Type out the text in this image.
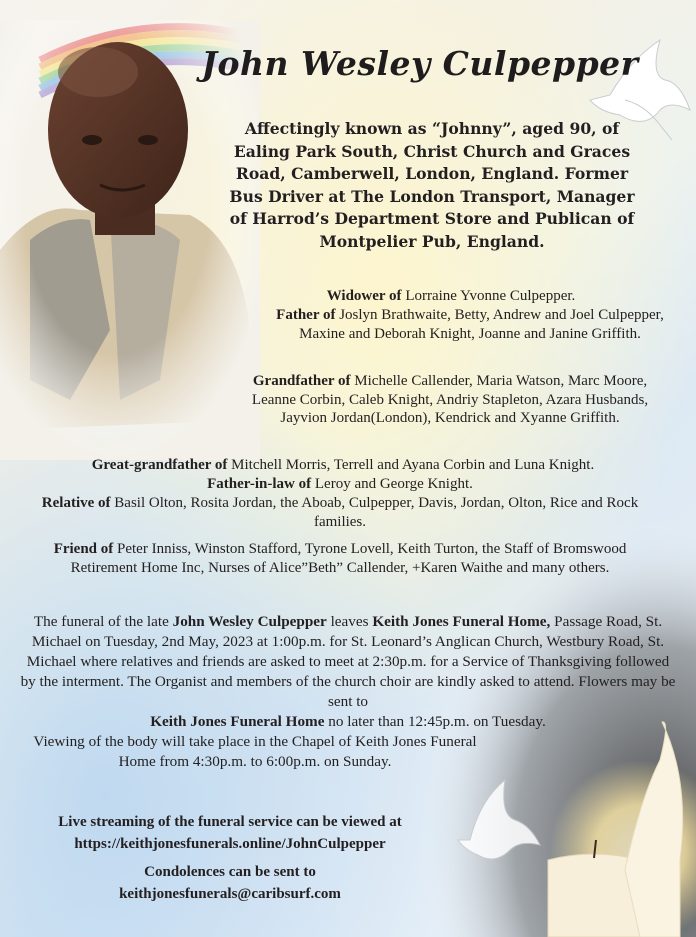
John Wesley Culpepper
Affectingly known as “Johnny”, aged 90, of Ealing Park South, Christ Church and Graces Road, Camberwell, London, England. Former Bus Driver at The London Transport, Manager of Harrod’s Department Store and Publican of Montpelier Pub, England.

Widower of Lorraine Yvonne Culpepper.

Father of Joslyn Brathwaite, Betty, Andrew and Joel Culpepper, Maxine and Deborah Knight, Joanne and Janine Griffith.

Grandfather of Michelle Callender, Maria Watson, Marc Moore, Leanne Corbin, Caleb Knight, Andriy Stapleton, Azara Husbands, Jayvion Jordan(London), Kendrick and Xyanne Griffith.

Great-grandfather of Mitchell Morris, Terrell and Ayana Corbin and Luna Knight.

Father-in-law of Leroy and George Knight.

Relative of Basil Olton, Rosita Jordan, the Aboab, Culpepper, Davis, Jordan, Olton, Rice and Rock families.

Friend of Peter Inniss, Winston Stafford, Tyrone Lovell, Keith Turton, the Staff of Bromswood Retirement Home Inc, Nurses of Alice”Beth” Callender, +Karen Waithe and many others.

The funeral of the late John Wesley Culpepper leaves Keith Jones Funeral Home, Passage Road, St. Michael on Tuesday, 2nd May, 2023 at 1:00p.m. for St. Leonard’s Anglican Church, Westbury Road, St. Michael where relatives and friends are asked to meet at 2:30p.m. for a Service of Thanksgiving followed by the interment. The Organist and members of the church choir are kindly asked to attend. Flowers may be sent to
Keith Jones Funeral Home no later than 12:45p.m. on Tuesday.
Viewing of the body will take place in the Chapel of Keith Jones Funeral Home from 4:30p.m. to 6:00p.m. on Sunday.
Live streaming of the funeral service can be viewed at
https://keithjonesfunerals.online/JohnCulpepper
Condolences can be sent to
keithjonesfunerals@caribsurf.com
